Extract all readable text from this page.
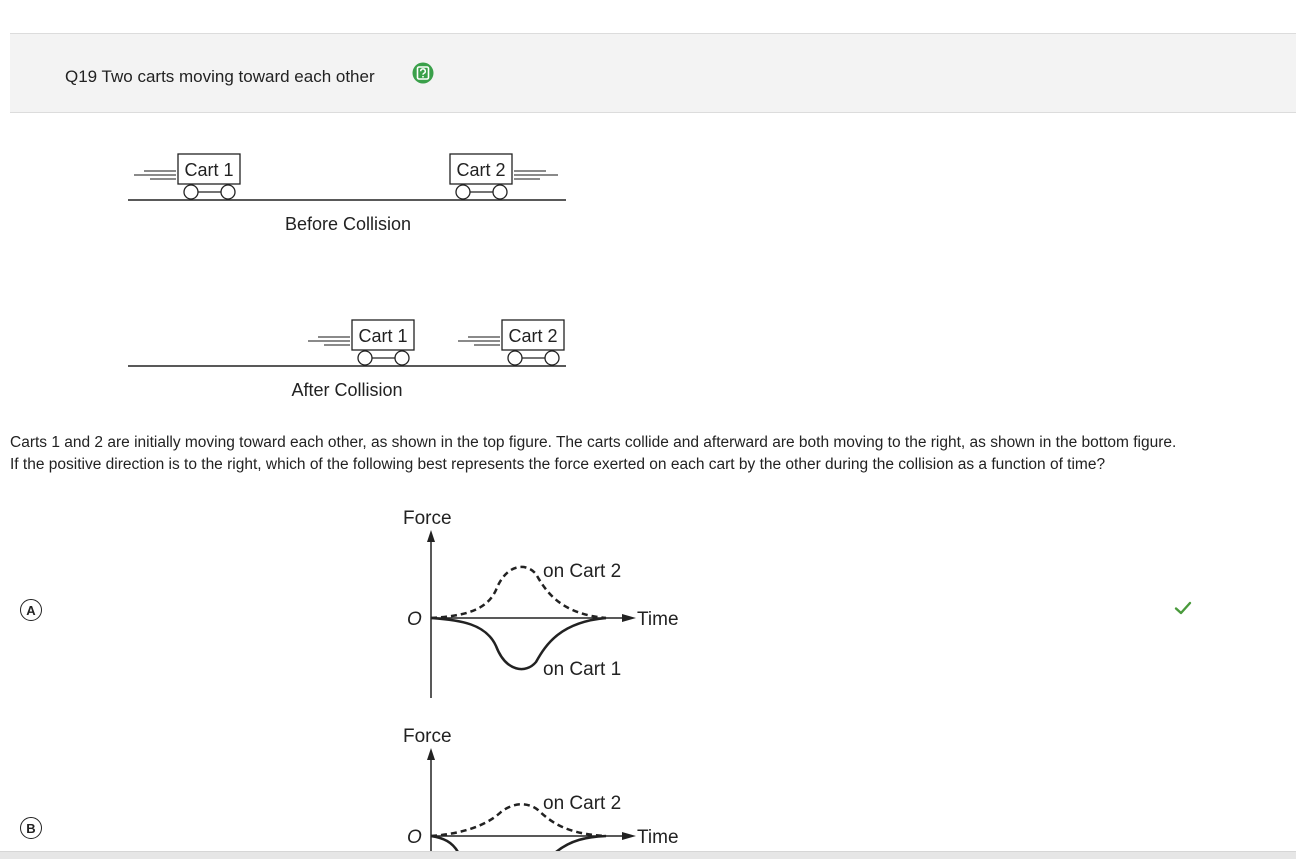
Q19 Two carts moving toward each other
Cart 1	Cart 2
Before Collision
Cart 1	Cart 2
After Collision

Carts 1 and 2 are initially moving toward each other, as shown in the top figure. The carts collide and afterward are both moving to the right, as shown in the bottom figure.

If the positive direction is to the right, which of the following best represents the force exerted on each cart by the other during the collision as a function of time?

A
Force
O	Time
on Cart 2
on Cart 1
B
Force
O	Time
on Cart 2
